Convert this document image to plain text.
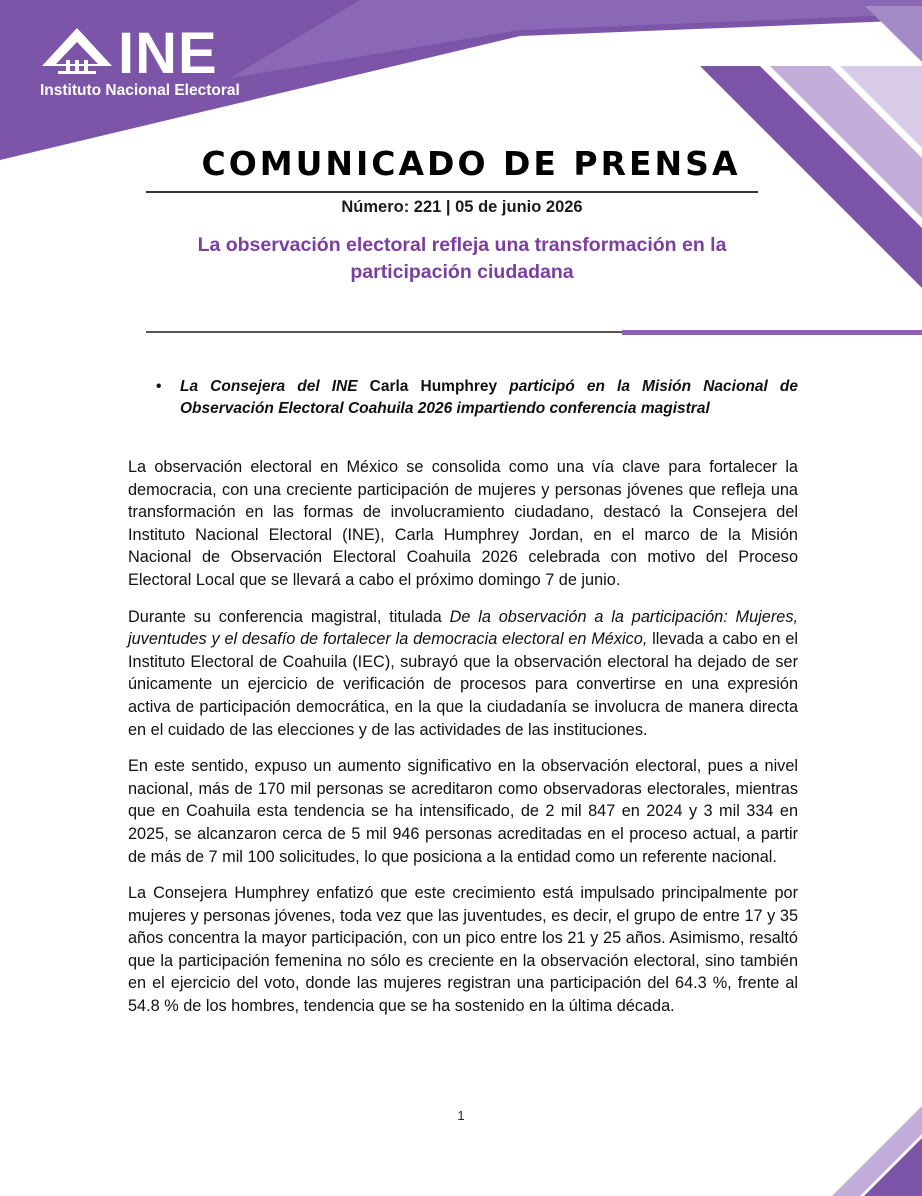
INE
Instituto Nacional Electoral
COMUNICADO DE PRENSA
Número: 221 | 05 de junio 2026
La observación electoral refleja una transformación en la participación ciudadana
• La Consejera del INE Carla Humphrey participó en la Misión Nacional de Observación Electoral Coahuila 2026 impartiendo conferencia magistral

La observación electoral en México se consolida como una vía clave para fortalecer la democracia, con una creciente participación de mujeres y personas jóvenes que refleja una transformación en las formas de involucramiento ciudadano, destacó la Consejera del Instituto Nacional Electoral (INE), Carla Humphrey Jordan, en el marco de la Misión Nacional de Observación Electoral Coahuila 2026 celebrada con motivo del Proceso Electoral Local que se llevará a cabo el próximo domingo 7 de junio.

Durante su conferencia magistral, titulada De la observación a la participación: Mujeres, juventudes y el desafío de fortalecer la democracia electoral en México, llevada a cabo en el Instituto Electoral de Coahuila (IEC), subrayó que la observación electoral ha dejado de ser únicamente un ejercicio de verificación de procesos para convertirse en una expresión activa de participación democrática, en la que la ciudadanía se involucra de manera directa en el cuidado de las elecciones y de las actividades de las instituciones.

En este sentido, expuso un aumento significativo en la observación electoral, pues a nivel nacional, más de 170 mil personas se acreditaron como observadoras electorales, mientras que en Coahuila esta tendencia se ha intensificado, de 2 mil 847 en 2024 y 3 mil 334 en 2025, se alcanzaron cerca de 5 mil 946 personas acreditadas en el proceso actual, a partir de más de 7 mil 100 solicitudes, lo que posiciona a la entidad como un referente nacional.

La Consejera Humphrey enfatizó que este crecimiento está impulsado principalmente por mujeres y personas jóvenes, toda vez que las juventudes, es decir, el grupo de entre 17 y 35 años concentra la mayor participación, con un pico entre los 21 y 25 años. Asimismo, resaltó que la participación femenina no sólo es creciente en la observación electoral, sino también en el ejercicio del voto, donde las mujeres registran una participación del 64.3 %, frente al 54.8 % de los hombres, tendencia que se ha sostenido en la última década.

1
